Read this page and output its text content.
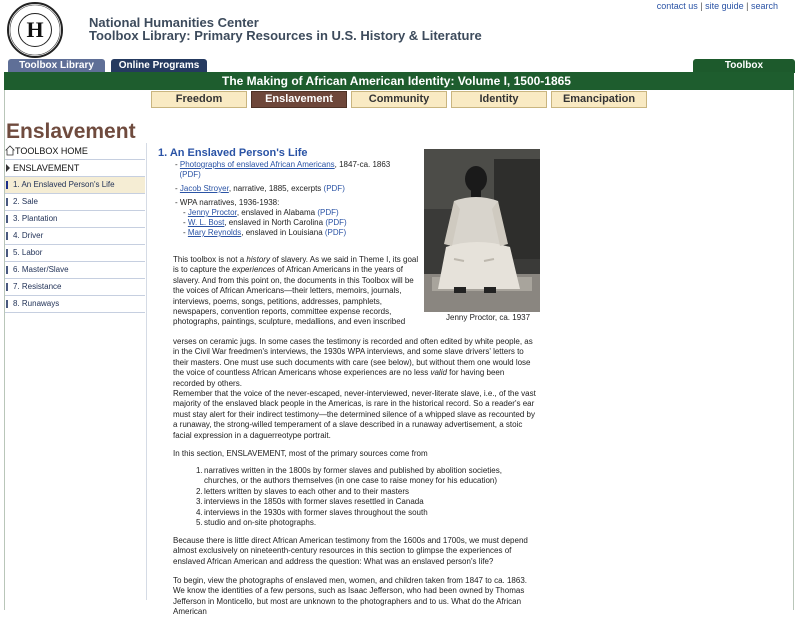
H	National Humanities Center
Toolbox Library: Primary Resources in U.S. History & Literature
contact us | site guide | search
Toolbox Library	Online Programs	Toolbox
The Making of African American Identity: Volume I, 1500-1865
Freedom	Enslavement	Community	Identity	Emancipation
Enslavement
TOOLBOX HOME
ENSLAVEMENT
1. An Enslaved Person's Life
2. Sale
3. Plantation
4. Driver
5. Labor
6. Master/Slave
7. Resistance
8. Runaways
1. An Enslaved Person's Life
- Photographs of enslaved African Americans, 1847-ca. 1863
(PDF)
- Jacob Stroyer, narrative, 1885, excerpts (PDF)
- WPA narratives, 1936-1938:

- Jenny Proctor, enslaved in Alabama (PDF)
- W. L. Bost, enslaved in North Carolina (PDF)
- Mary Reynolds, enslaved in Louisiana (PDF)
Jenny Proctor, ca. 1937
This toolbox is not a history of slavery. As we said in Theme I, its goal is to capture the experiences of African Americans in the years of slavery. And from this point on, the documents in this Toolbox will be the voices of African Americans—their letters, memoirs, journals, interviews, poems, songs, petitions, addresses, pamphlets, newspapers, convention reports, committee expense records, photographs, paintings, sculpture, medallions, and even inscribed
verses on ceramic jugs. In some cases the testimony is recorded and often edited by white people, as in the Civil War freedmen's interviews, the 1930s WPA interviews, and some slave drivers' letters to their masters. One must use such documents with care (see below), but without them one would lose the voice of countless African Americans whose experiences are no less valid for having been recorded by others.
Remember that the voice of the never-escaped, never-interviewed, never-literate slave, i.e., of the vast majority of the enslaved black people in the Americas, is rare in the historical record. So a reader's ear must stay alert for their indirect testimony—the determined silence of a whipped slave as recounted by a runaway, the strong-willed temperament of a slave described in a runaway advertisement, a stoic facial expression in a daguerreotype portrait.
In this section, ENSLAVEMENT, most of the primary sources come from
1. narratives written in the 1800s by former slaves and published by abolition societies, churches, or the authors themselves (in one case to raise money for his education)
2. letters written by slaves to each other and to their masters
3. interviews in the 1850s with former slaves resettled in Canada
4. interviews in the 1930s with former slaves throughout the south
5. studio and on-site photographs.
Because there is little direct African American testimony from the 1600s and 1700s, we must depend almost exclusively on nineteenth-century resources in this section to glimpse the experiences of enslaved African American and address the question: What was an enslaved person's life?
To begin, view the photographs of enslaved men, women, and children taken from 1847 to ca. 1863. We know the identities of a few persons, such as Isaac Jefferson, who had been owned by Thomas Jefferson in Monticello, but most are unknown to the photographers and to us. What do the African American
